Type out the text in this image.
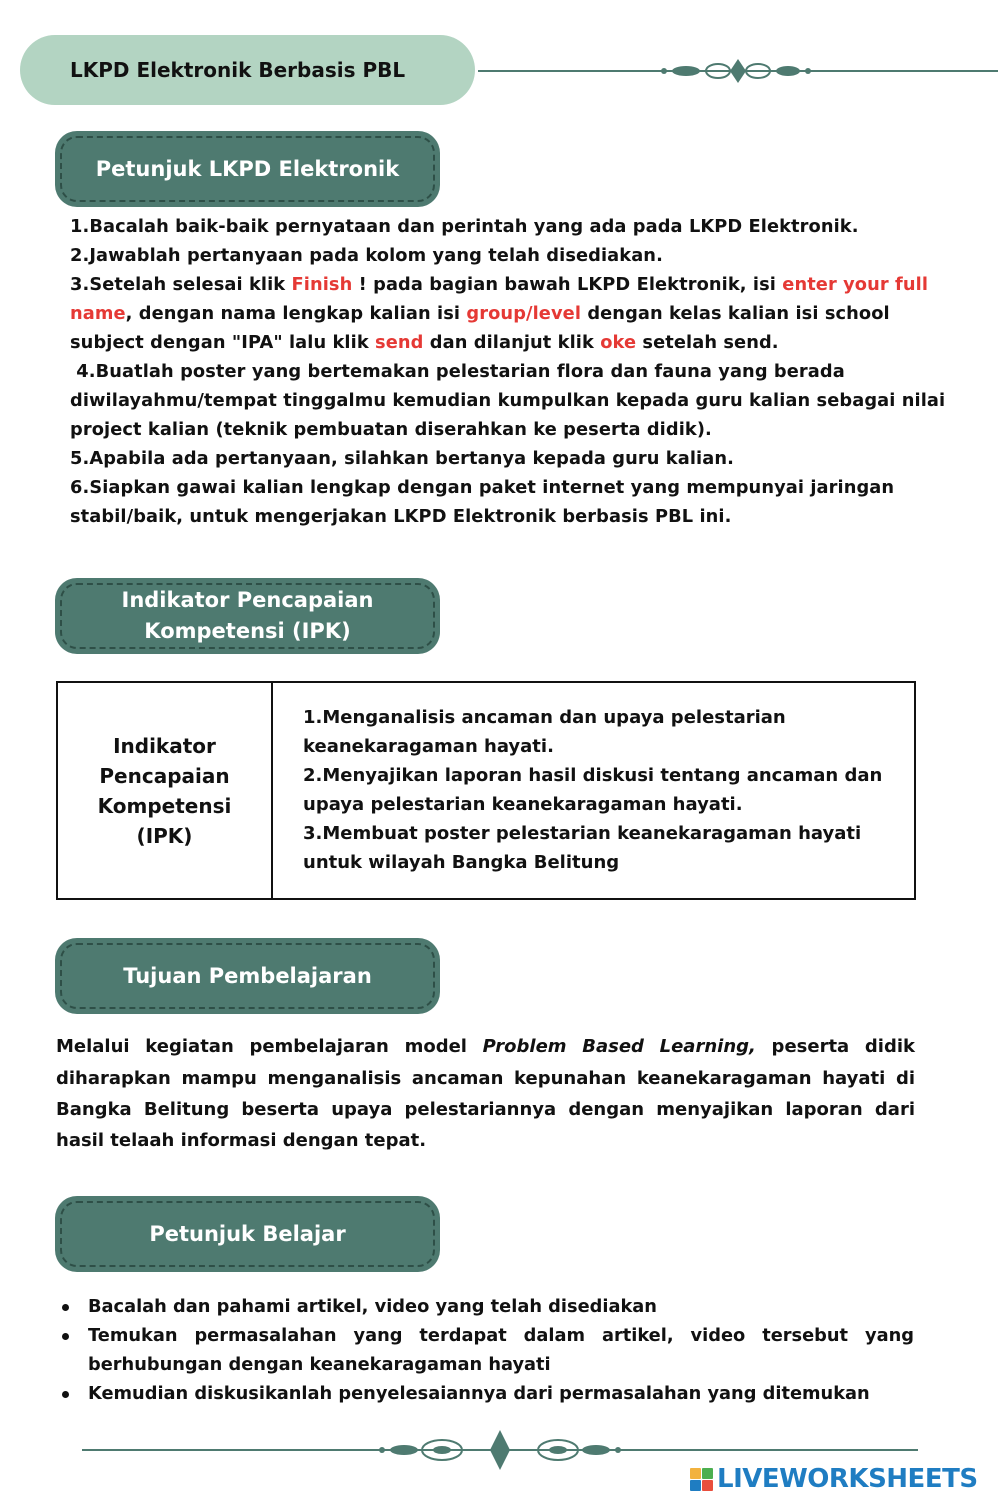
LKPD Elektronik Berbasis PBL
Petunjuk LKPD Elektronik

1.Bacalah baik-baik pernyataan dan perintah yang ada pada LKPD Elektronik.

2.Jawablah pertanyaan pada kolom yang telah disediakan.

3.Setelah selesai klik Finish ! pada bagian bawah LKPD Elektronik, isi enter your full name, dengan nama lengkap kalian isi group/level dengan kelas kalian isi school subject dengan "IPA" lalu klik send dan dilanjut klik oke setelah send.

4.Buatlah poster yang bertemakan pelestarian flora dan fauna yang berada diwilayahmu/tempat tinggalmu kemudian kumpulkan kepada guru kalian sebagai nilai project kalian (teknik pembuatan diserahkan ke peserta didik).

5.Apabila ada pertanyaan, silahkan bertanya kepada guru kalian.

6.Siapkan gawai kalian lengkap dengan paket internet yang mempunyai jaringan stabil/baik, untuk mengerjakan LKPD Elektronik berbasis PBL ini.

Indikator Pencapaian
Kompetensi (IPK)
Indikator
Pencapaian
Kompetensi
(IPK)

1.Menganalisis ancaman dan upaya pelestarian keanekaragaman hayati.

2.Menyajikan laporan hasil diskusi tentang ancaman dan upaya pelestarian keanekaragaman hayati.

3.Membuat poster pelestarian keanekaragaman hayati untuk wilayah Bangka Belitung

Tujuan Pembelajaran
Melalui kegiatan pembelajaran model Problem Based Learning, peserta didik diharapkan mampu menganalisis ancaman kepunahan keanekaragaman hayati di Bangka Belitung beserta upaya pelestariannya dengan menyajikan laporan dari
hasil telaah informasi dengan tepat.
Petunjuk Belajar
Bacalah dan pahami artikel, video yang telah disediakan
Temukan permasalahan yang terdapat dalam artikel, video tersebut yang berhubungan dengan keanekaragaman hayati
Kemudian diskusikanlah penyelesaiannya dari permasalahan yang ditemukan
LIVEWORKSHEETS
